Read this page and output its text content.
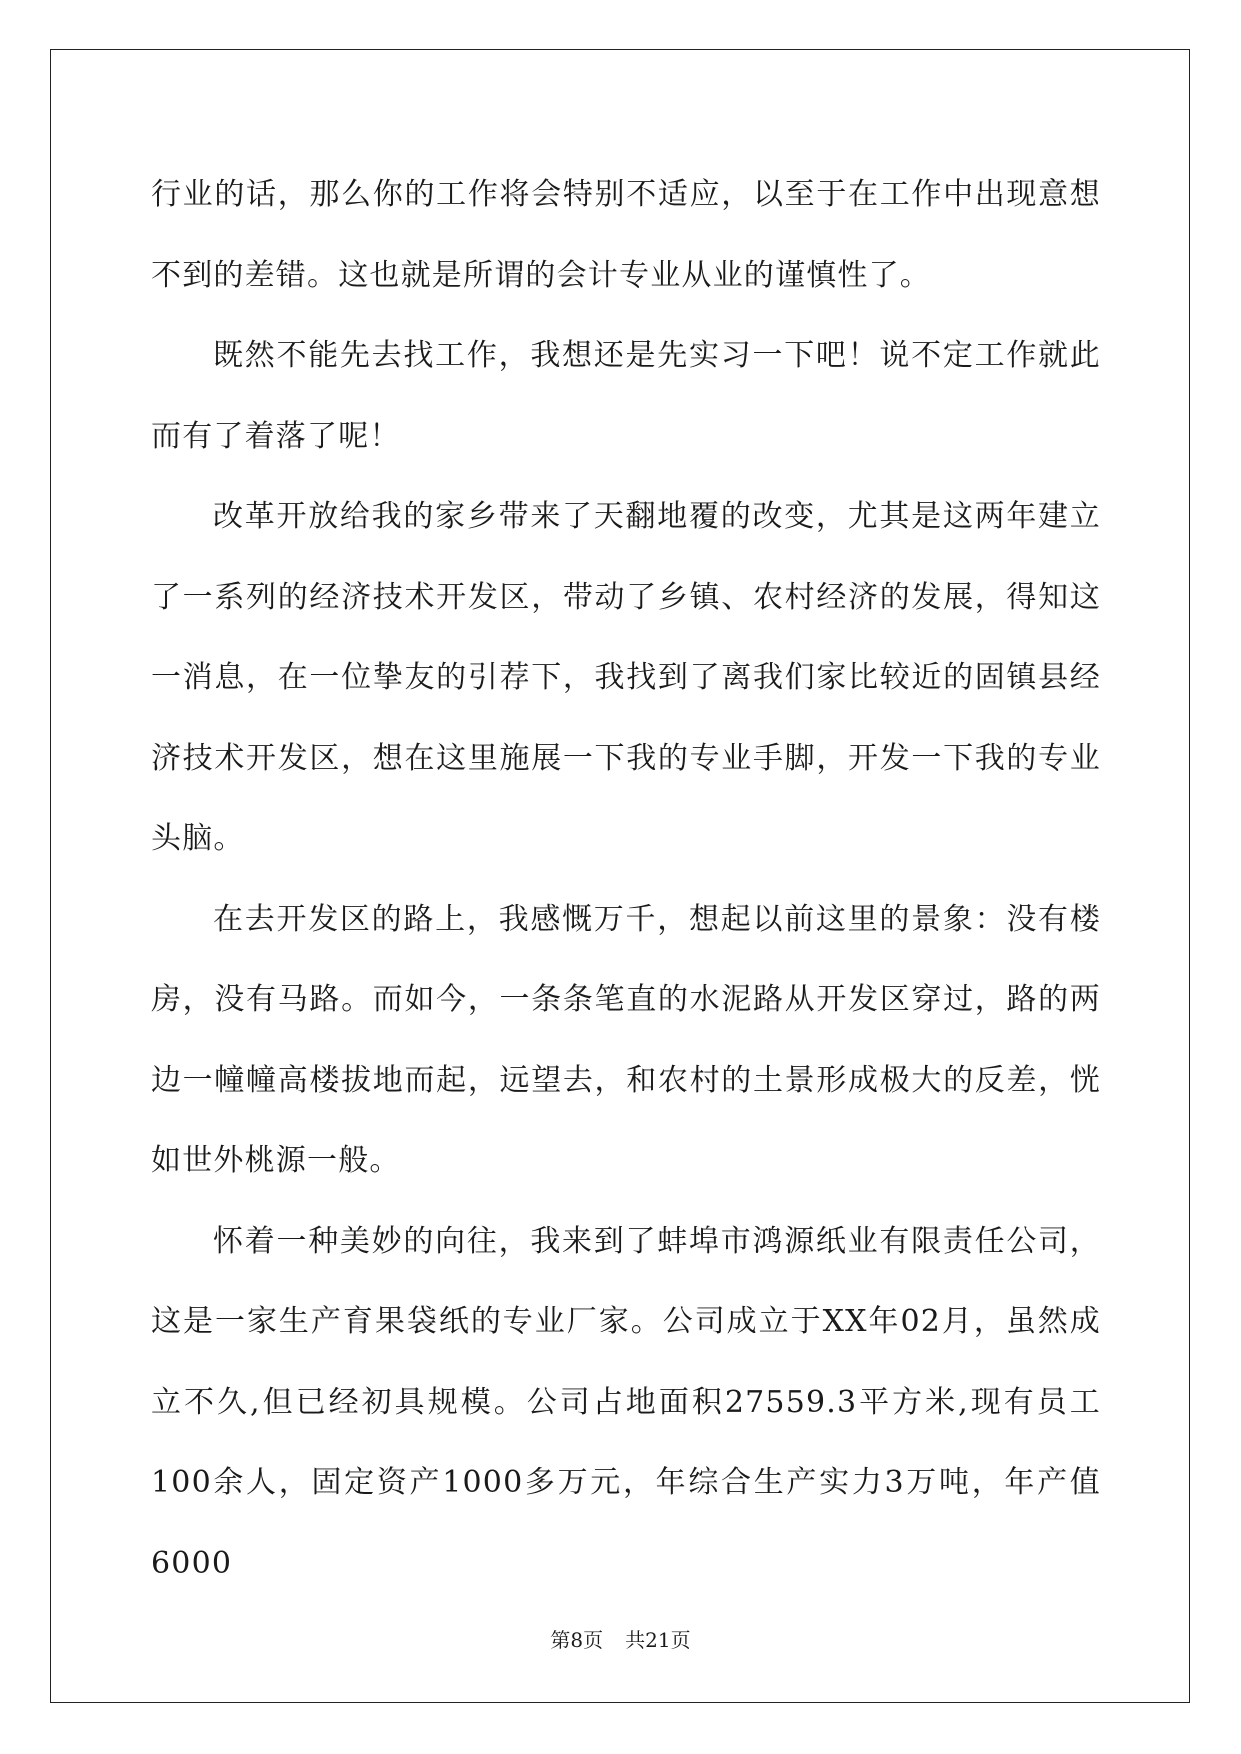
行业的话，那么你的工作将会特别不适应，以至于在工作中出现意想不到的差错。这也就是所谓的会计专业从业的谨慎性了。

既然不能先去找工作，我想还是先实习一下吧！说不定工作就此而有了着落了呢！

改革开放给我的家乡带来了天翻地覆的改变，尤其是这两年建立了一系列的经济技术开发区，带动了乡镇、农村经济的发展，得知这一消息，在一位挚友的引荐下，我找到了离我们家比较近的固镇县经济技术开发区，想在这里施展一下我的专业手脚，开发一下我的专业头脑。

在去开发区的路上，我感慨万千，想起以前这里的景象：没有楼房，没有马路。而如今，一条条笔直的水泥路从开发区穿过，路的两边一幢幢高楼拔地而起，远望去，和农村的土景形成极大的反差，恍如世外桃源一般。

怀着一种美妙的向往，我来到了蚌埠市鸿源纸业有限责任公司，这是一家生产育果袋纸的专业厂家。公司成立于XX年02月，虽然成立不久,但已经初具规模。公司占地面积27559.3平方米,现有员工100余人，固定资产1000多万元，年综合生产实力3万吨，年产值6000

第8页 共21页
